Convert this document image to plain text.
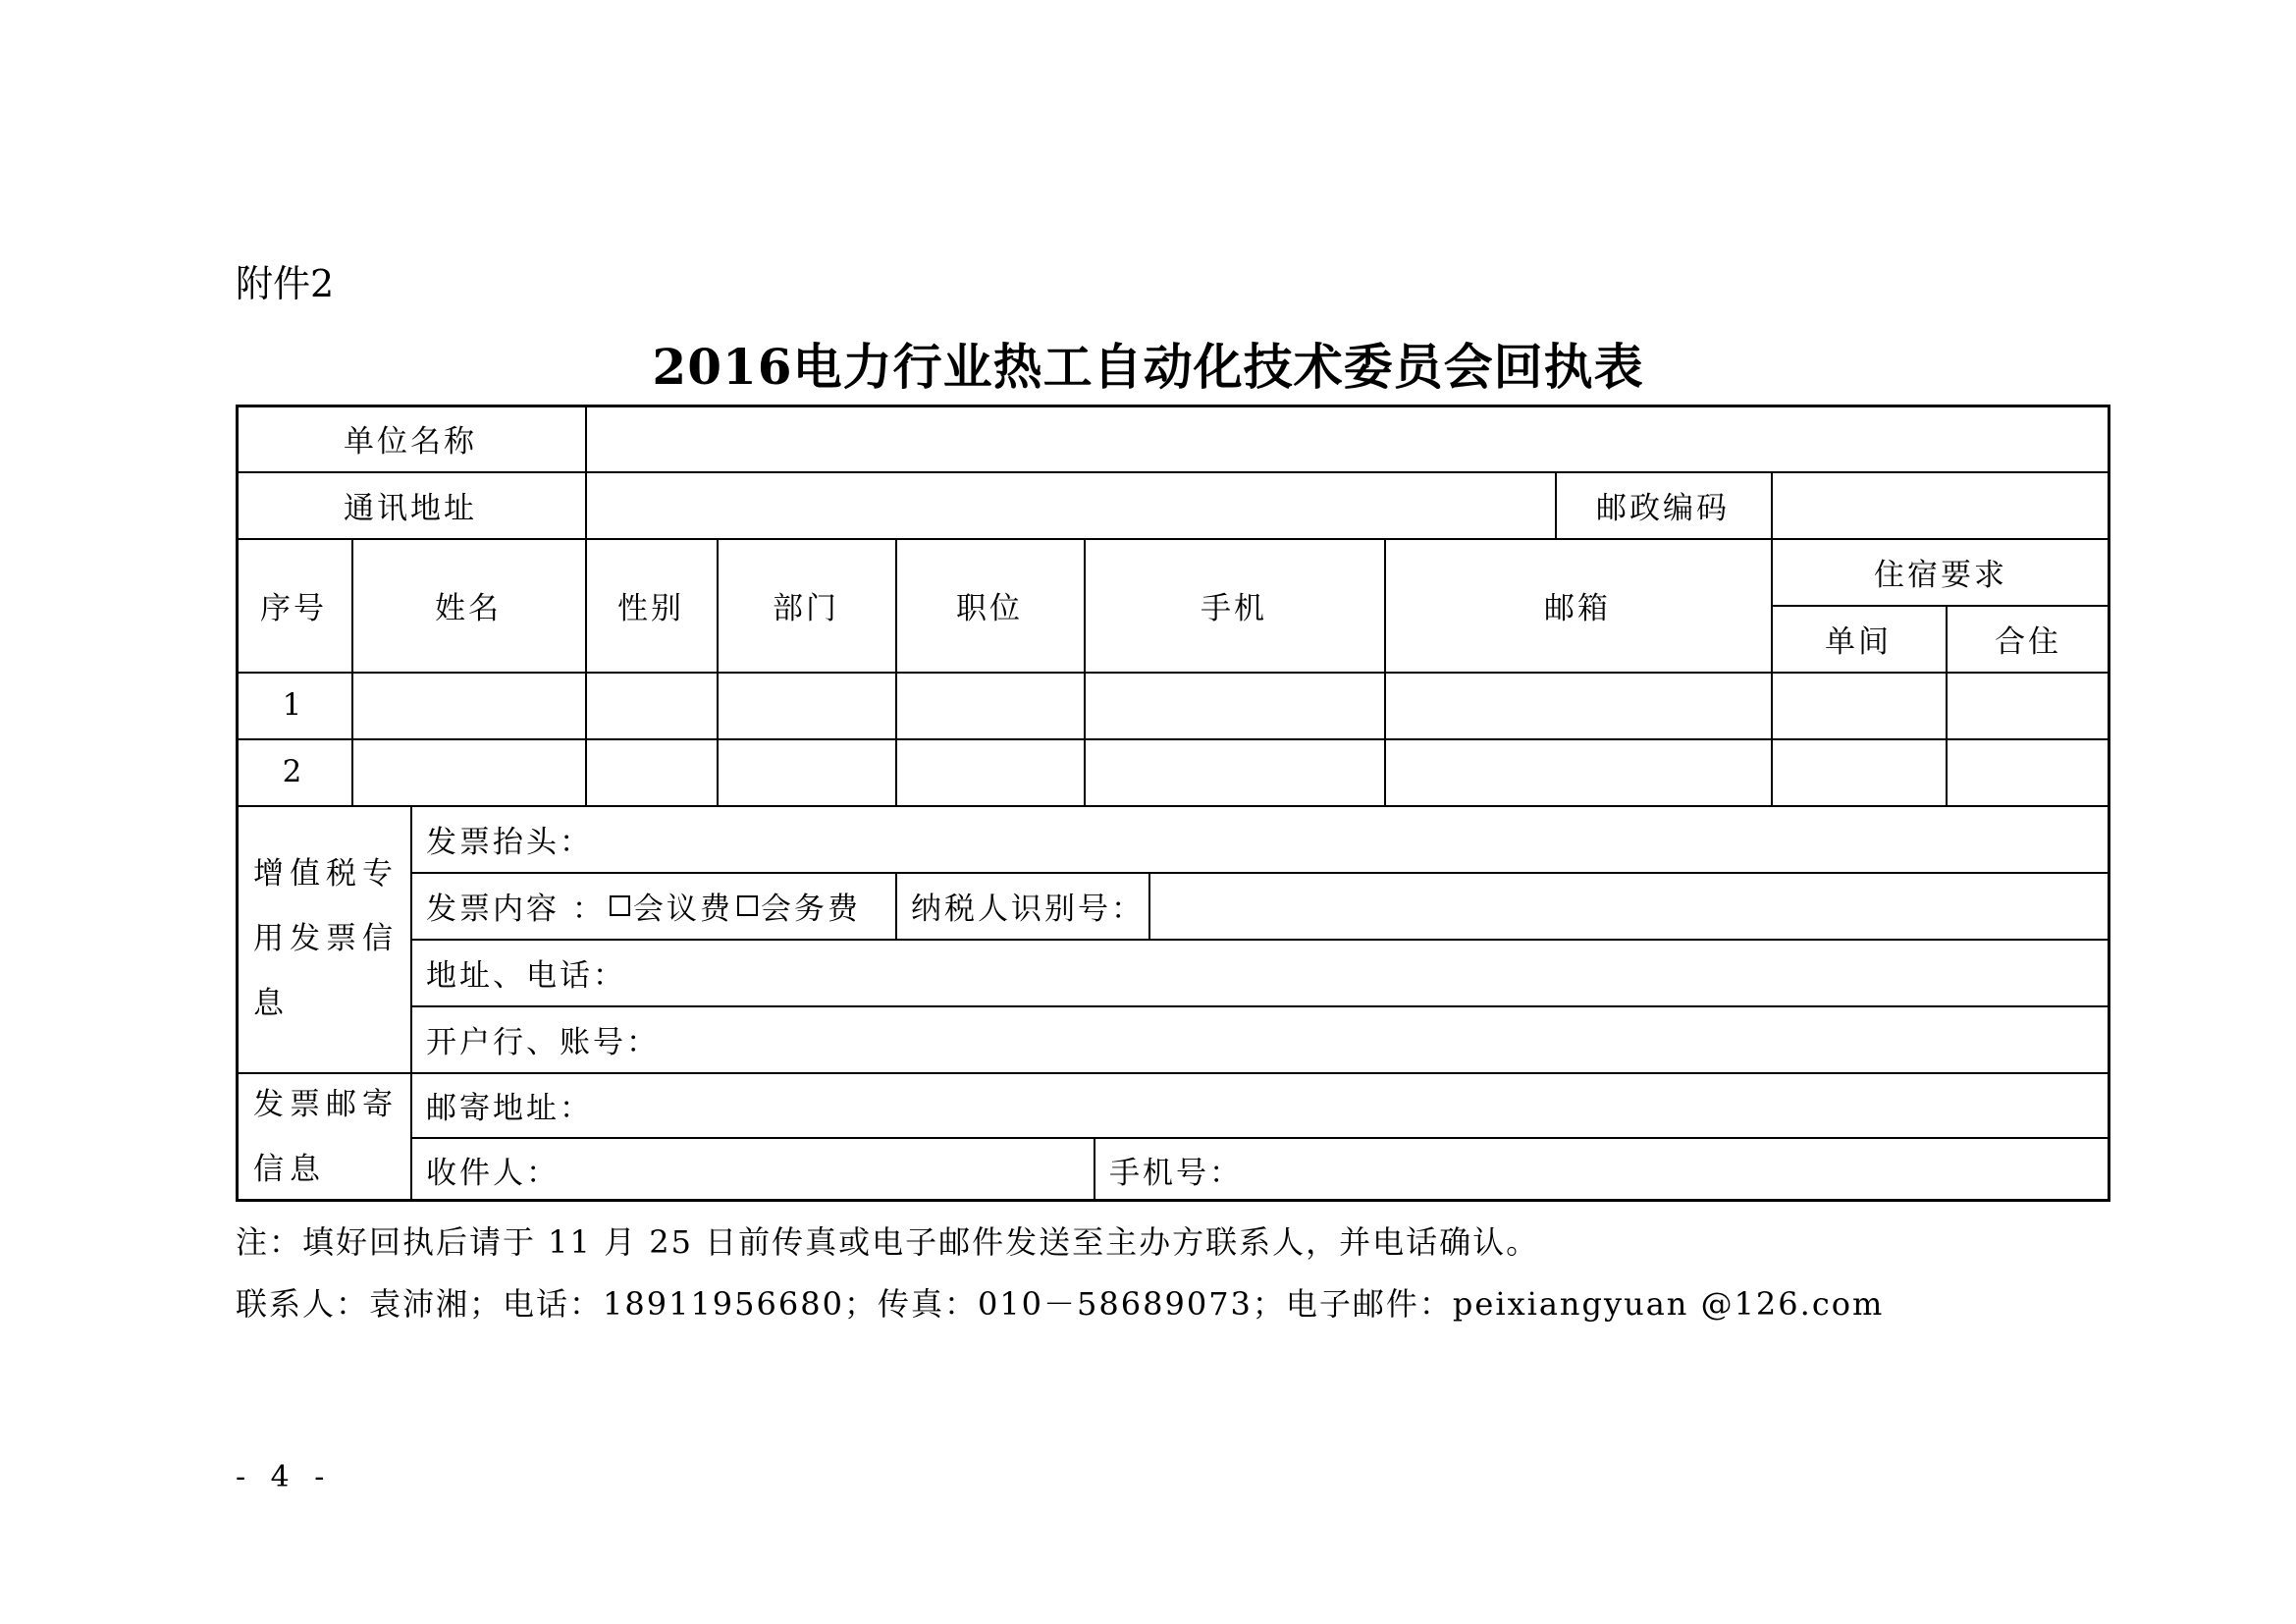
附件2
2016电力行业热工自动化技术委员会回执表
单位名称
通讯地址	邮政编码
序号	姓名	性别	部门	职位	手机	邮箱
住宿要求
单间	合住
1
2
增值税专用发票信息
发票抬头：
发票内容 ： 会议费 会务费	纳税人识别号：
地址、电话：
开户行、账号：
发票邮寄信息
邮寄地址：
收件人：	手机号：
注：填好回执后请于 11 月 25 日前传真或电子邮件发送至主办方联系人，并电话确认。
联系人：袁沛湘；电话：18911956680；传真：010－58689073；电子邮件：peixiangyuan @126.com
- 4 -
